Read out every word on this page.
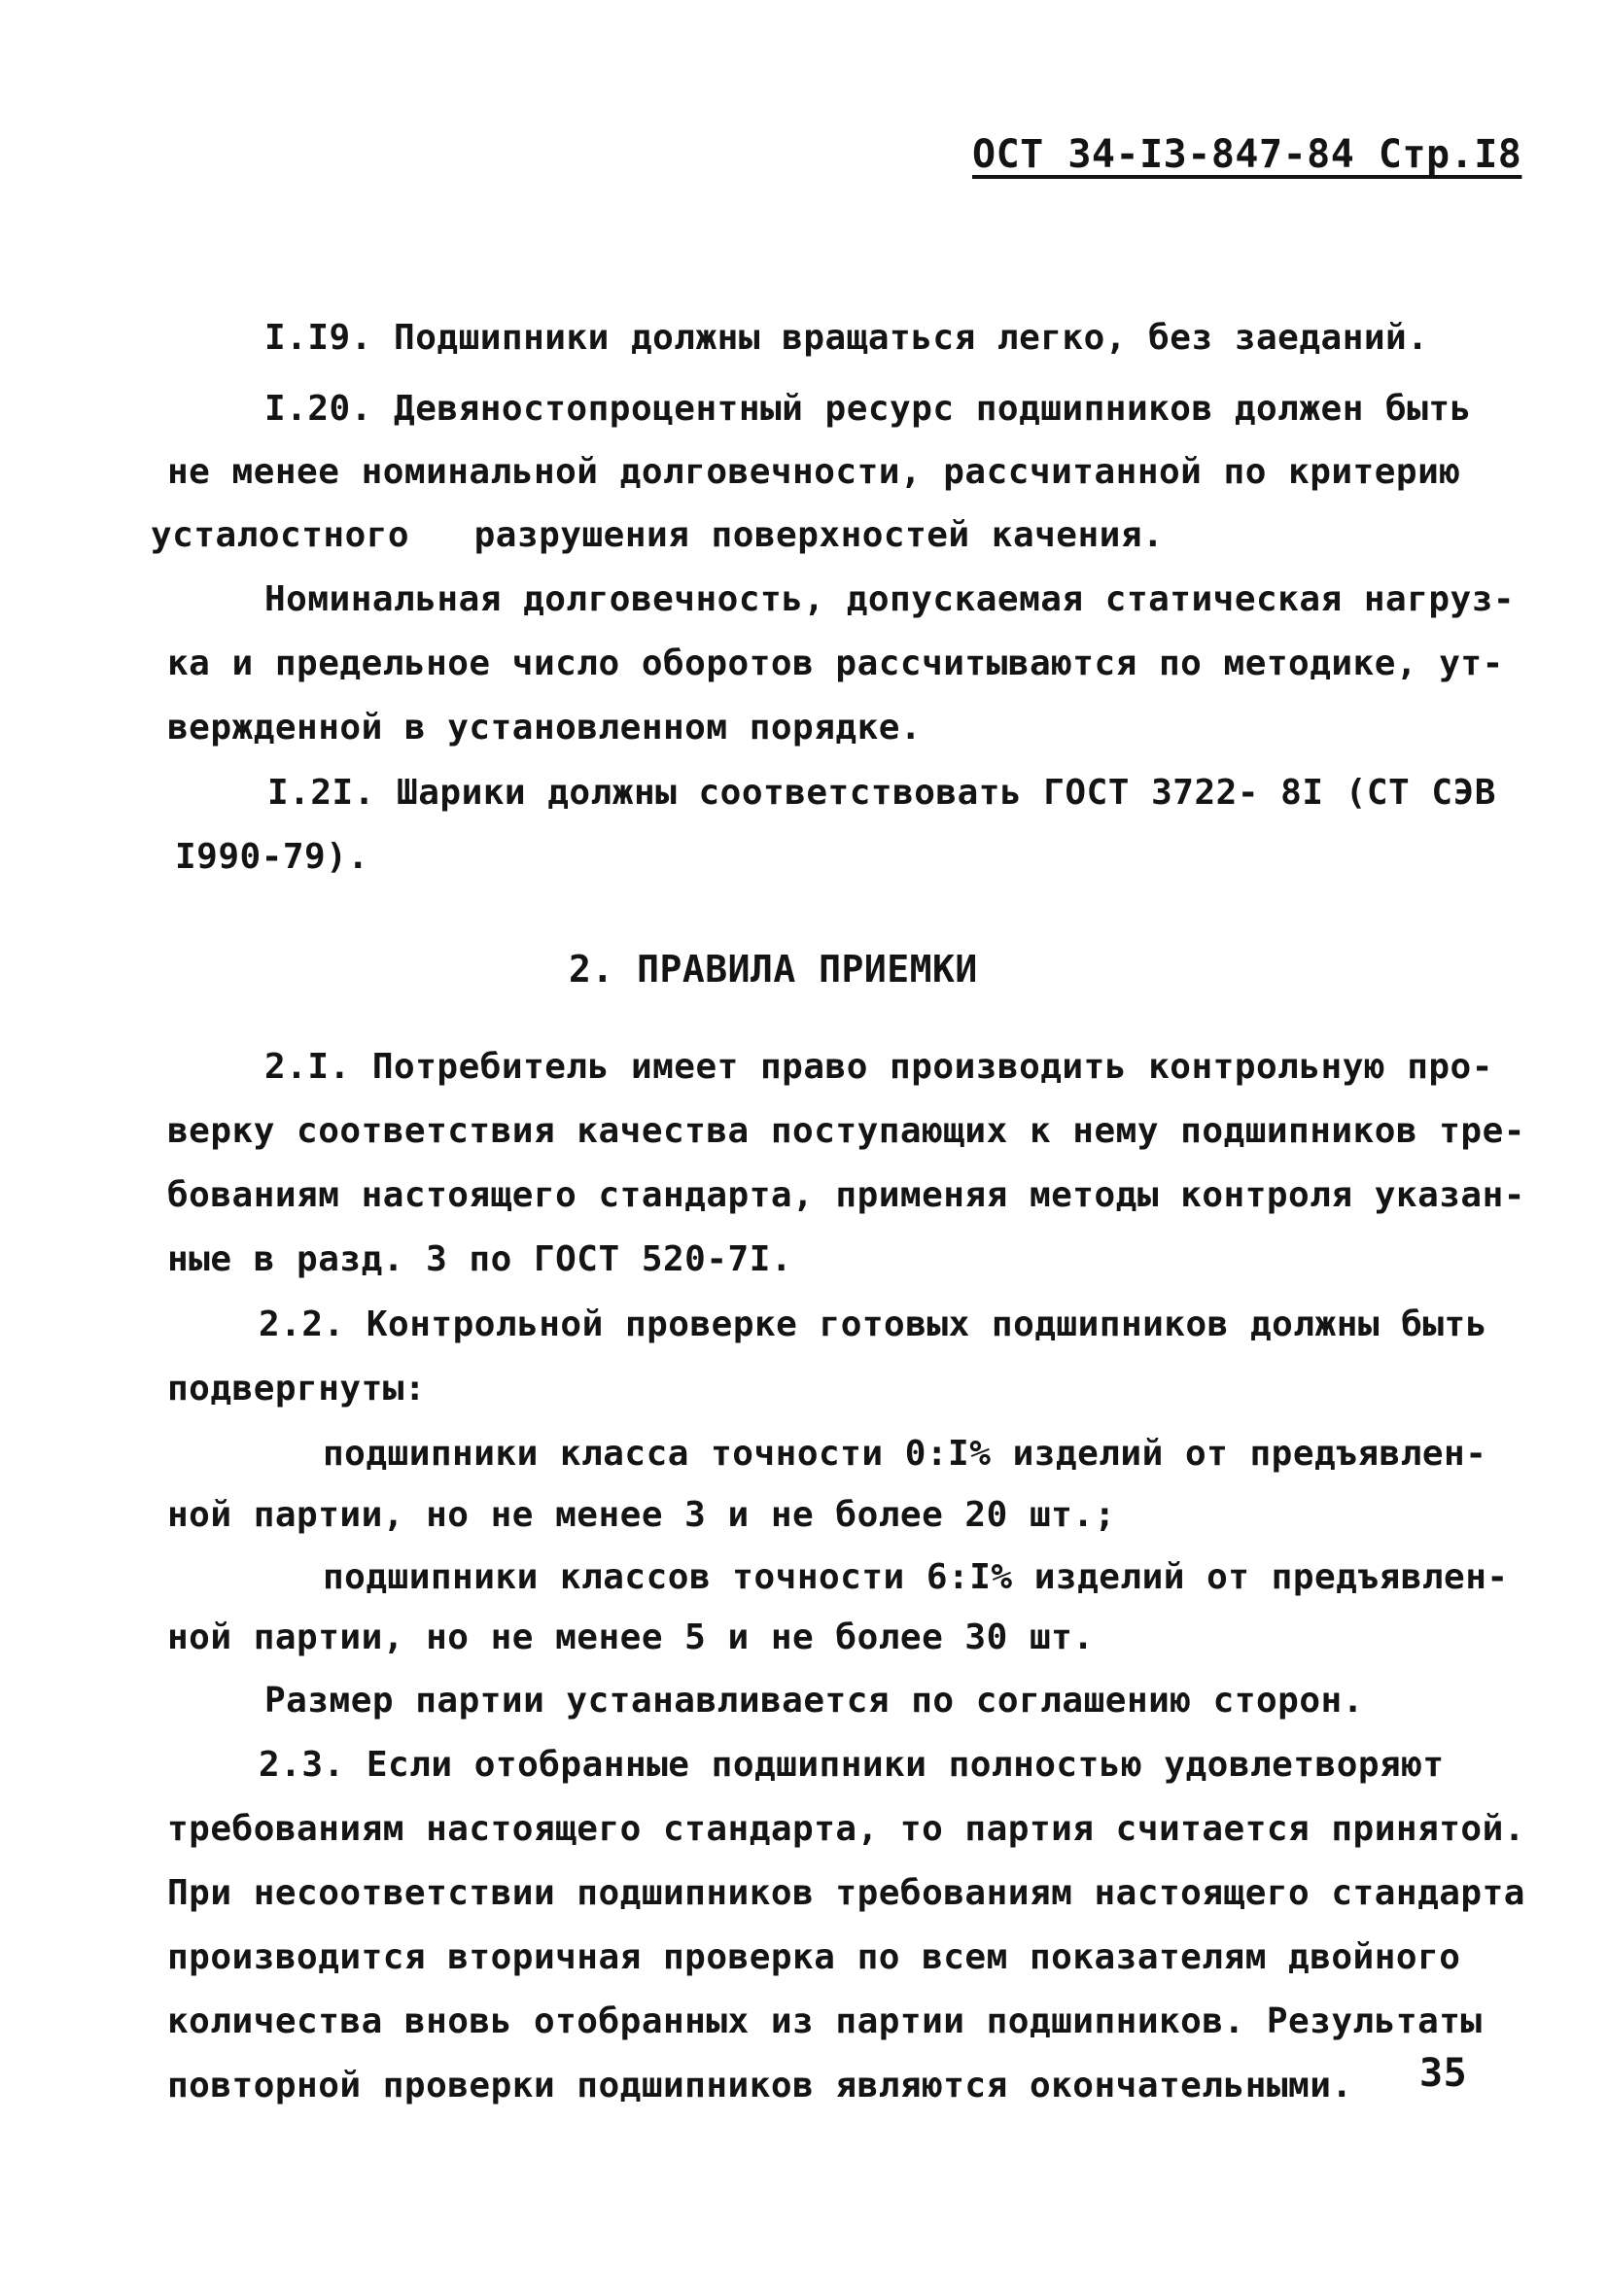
ОСТ 34-I3-847-84 Стр.I8
I.I9. Подшипники должны вращаться легко, без заеданий.
I.20. Девяностопроцентный ресурс подшипников должен быть
не менее номинальной долговечности, рассчитанной по критерию
усталостного   разрушения поверхностей качения.
Номинальная долговечность, допускаемая статическая нагруз-
ка и предельное число оборотов рассчитываются по методике, ут-
вержденной в установленном порядке.
I.2I. Шарики должны соответствовать ГОСТ 3722- 8I (СТ СЭВ
I990-79).
2. ПРАВИЛА ПРИЕМКИ
2.I. Потребитель имеет право производить контрольную про-
верку соответствия качества поступающих к нему подшипников тре-
бованиям настоящего стандарта, применяя методы контроля указан-
ные в разд. 3 по ГОСТ 520-7I.
2.2. Контрольной проверке готовых подшипников должны быть
подвергнуты:
подшипники класса точности 0:I% изделий от предъявлен-
ной партии, но не менее 3 и не более 20 шт.;
подшипники классов точности 6:I% изделий от предъявлен-
ной партии, но не менее 5 и не более 30 шт.
Размер партии устанавливается по соглашению сторон.
2.3. Если отобранные подшипники полностью удовлетворяют
требованиям настоящего стандарта, то партия считается принятой.
При несоответствии подшипников требованиям настоящего стандарта
производится вторичная проверка по всем показателям двойного
количества вновь отобранных из партии подшипников. Результаты
повторной проверки подшипников являются окончательными. 35
